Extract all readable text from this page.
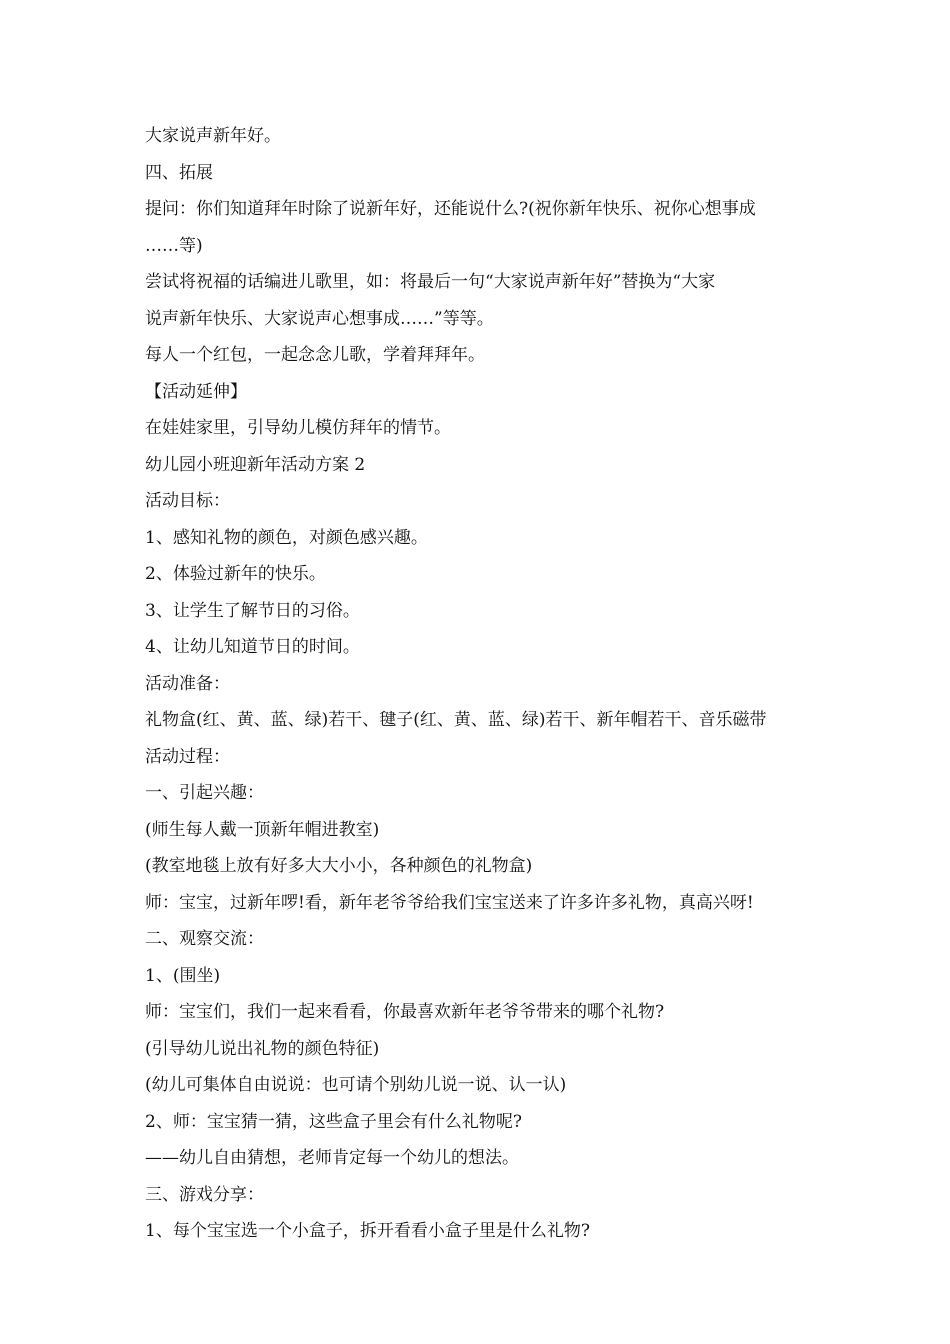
大家说声新年好。
四、拓展
提问：你们知道拜年时除了说新年好，还能说什么?(祝你新年快乐、祝你心想事成
……等)
尝试将祝福的话编进儿歌里，如：将最后一句“大家说声新年好”替换为“大家
说声新年快乐、大家说声心想事成……”等等。
每人一个红包，一起念念儿歌，学着拜拜年。
【活动延伸】
在娃娃家里，引导幼儿模仿拜年的情节。
幼儿园小班迎新年活动方案 2
活动目标：
1、感知礼物的颜色，对颜色感兴趣。
2、体验过新年的快乐。
3、让学生了解节日的习俗。
4、让幼儿知道节日的时间。
活动准备：
礼物盒(红、黄、蓝、绿)若干、毽子(红、黄、蓝、绿)若干、新年帽若干、音乐磁带
活动过程：
一、引起兴趣：
(师生每人戴一顶新年帽进教室)
(教室地毯上放有好多大大小小，各种颜色的礼物盒)
师：宝宝，过新年啰!看，新年老爷爷给我们宝宝送来了许多许多礼物，真高兴呀!
二、观察交流：
1、(围坐)
师：宝宝们，我们一起来看看，你最喜欢新年老爷爷带来的哪个礼物?
(引导幼儿说出礼物的颜色特征)
(幼儿可集体自由说说：也可请个别幼儿说一说、认一认)
2、师：宝宝猜一猜，这些盒子里会有什么礼物呢?
——幼儿自由猜想，老师肯定每一个幼儿的想法。
三、游戏分享：
1、每个宝宝选一个小盒子，拆开看看小盒子里是什么礼物?
